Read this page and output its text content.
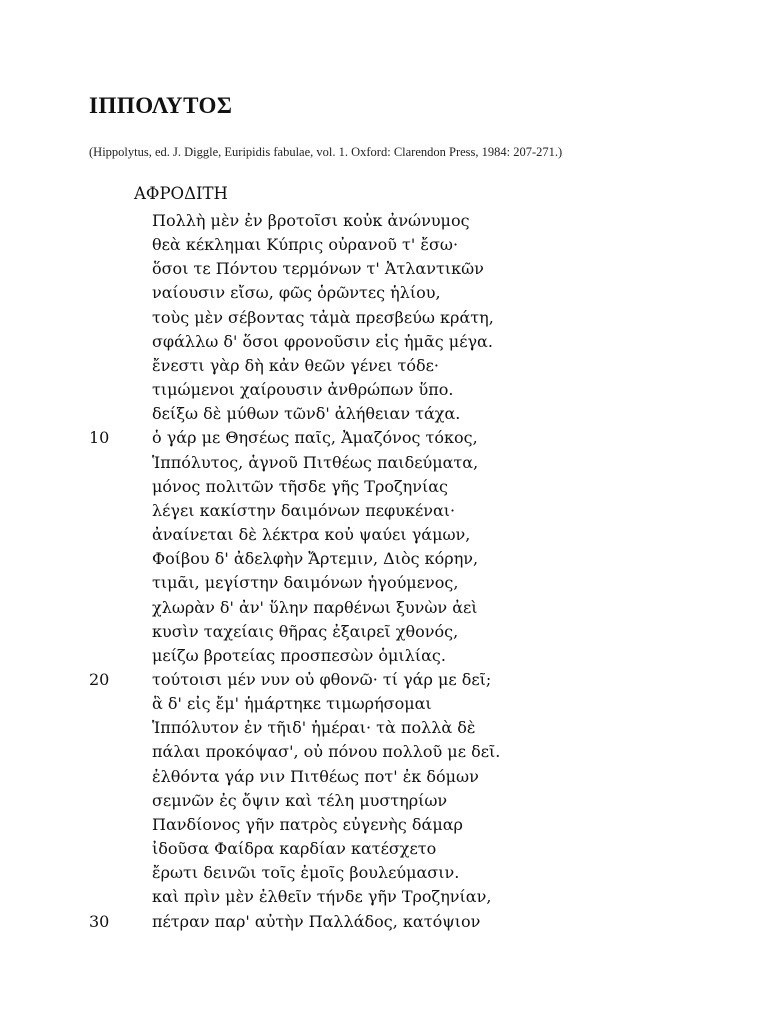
ΙΠΠΟΛΥΤΟΣ
(Hippolytus, ed. J. Diggle, Euripidis fabulae, vol. 1. Oxford: Clarendon Press, 1984: 207-271.)
ΑΦΡΟΔΙΤΗ
Πολλὴ μὲν ἐν βροτοῖσι κοὐκ ἀνώνυμος
θεὰ κέκλημαι Κύπρις οὐρανοῦ τ' ἔσω·
ὅσοι τε Πόντου τερμόνων τ' Ἀτλαντικῶν
ναίουσιν εἴσω, φῶς ὁρῶντες ἡλίου,
τοὺς μὲν σέβοντας τἀμὰ πρεσβεύω κράτη,
σφάλλω δ' ὅσοι φρονοῦσιν εἰς ἡμᾶς μέγα.
ἔνεστι γὰρ δὴ κἀν θεῶν γένει τόδε·
τιμώμενοι χαίρουσιν ἀνθρώπων ὕπο.
δείξω δὲ μύθων τῶνδ' ἀλήθειαν τάχα.
10	ὁ γάρ με Θησέως παῖς, Ἀμαζόνος τόκος,
Ἱππόλυτος, ἁγνοῦ Πιτθέως παιδεύματα,
μόνος πολιτῶν τῆσδε γῆς Τροζηνίας
λέγει κακίστην δαιμόνων πεφυκέναι·
ἀναίνεται δὲ λέκτρα κοὐ ψαύει γάμων,
Φοίβου δ' ἀδελφὴν Ἄρτεμιν, Διὸς κόρην,
τιμᾶι, μεγίστην δαιμόνων ἡγούμενος,
χλωρὰν δ' ἀν' ὕλην παρθένωι ξυνὼν ἀεὶ
κυσὶν ταχείαις θῆρας ἐξαιρεῖ χθονός,
μείζω βροτείας προσπεσὼν ὁμιλίας.
20	τούτοισι μέν νυν οὐ φθονῶ· τί γάρ με δεῖ;
ἃ δ' εἰς ἔμ' ἡμάρτηκε τιμωρήσομαι
Ἱππόλυτον ἐν τῆιδ' ἡμέραι· τὰ πολλὰ δὲ
πάλαι προκόψασ', οὐ πόνου πολλοῦ με δεῖ.
ἐλθόντα γάρ νιν Πιτθέως ποτ' ἐκ δόμων
σεμνῶν ἐς ὄψιν καὶ τέλη μυστηρίων
Πανδίονος γῆν πατρὸς εὐγενὴς δάμαρ
ἰδοῦσα Φαίδρα καρδίαν κατέσχετο
ἔρωτι δεινῶι τοῖς ἐμοῖς βουλεύμασιν.
καὶ πρὶν μὲν ἐλθεῖν τήνδε γῆν Τροζηνίαν,
30	πέτραν παρ' αὐτὴν Παλλάδος, κατόψιον
